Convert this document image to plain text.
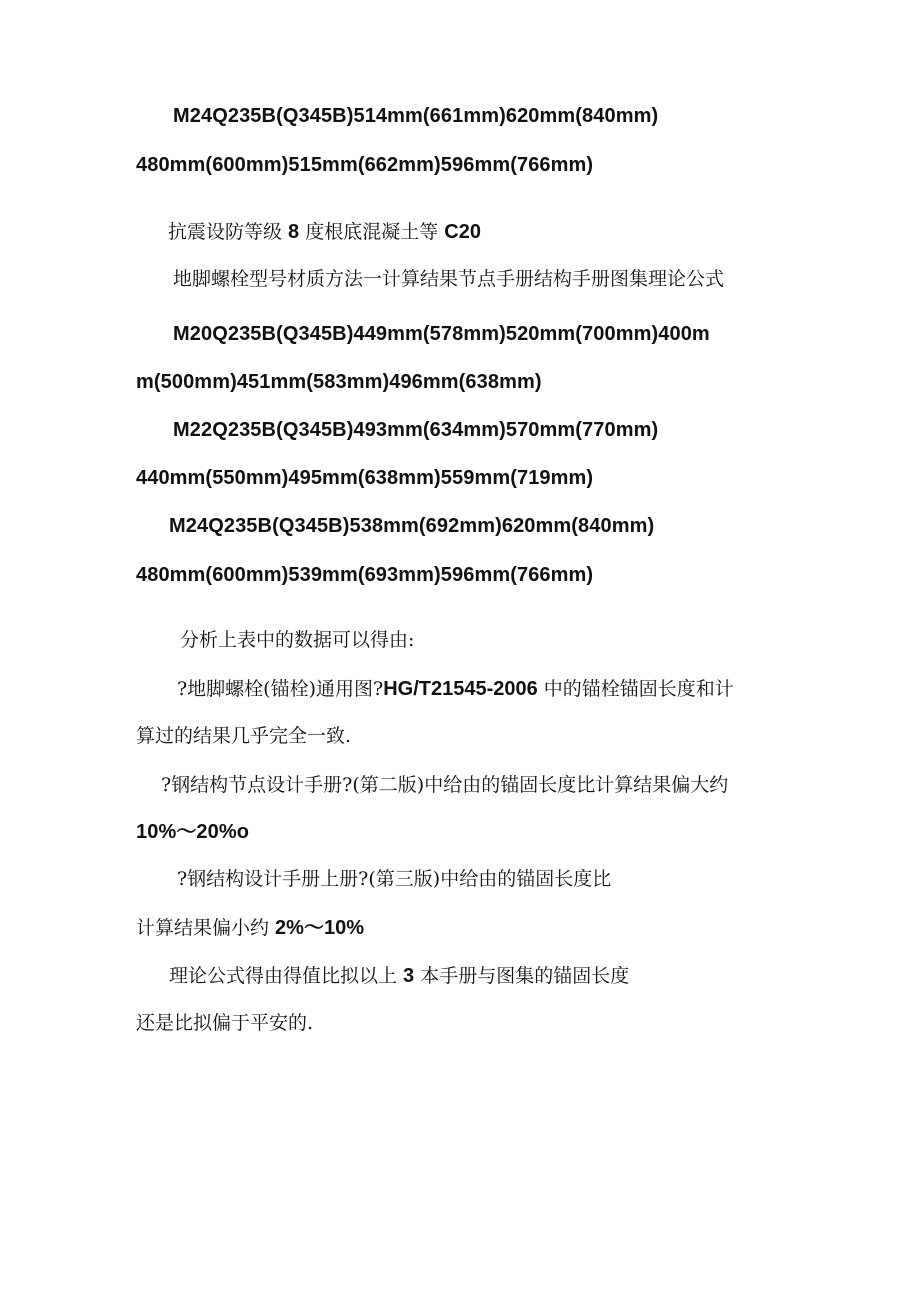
M24Q235B(Q345B)514mm(661mm)620mm(840mm)
480mm(600mm)515mm(662mm)596mm(766mm)
抗震设防等级 8 度根底混凝土等 C20
地脚螺栓型号材质方法一计算结果节点手册结构手册图集理论公式
M20Q235B(Q345B)449mm(578mm)520mm(700mm)400m
m(500mm)451mm(583mm)496mm(638mm)
M22Q235B(Q345B)493mm(634mm)570mm(770mm)
440mm(550mm)495mm(638mm)559mm(719mm)
M24Q235B(Q345B)538mm(692mm)620mm(840mm)
480mm(600mm)539mm(693mm)596mm(766mm)
分析上表中的数据可以得由:
?地脚螺栓(锚栓)通用图?HG/T21545-2006 中的锚栓锚固长度和计
算过的结果几乎完全一致.
?钢结构节点设计手册?(第二版)中给由的锚固长度比计算结果偏大约
10%～20%o
?钢结构设计手册上册?(第三版)中给由的锚固长度比
计算结果偏小约 2%～10%
理论公式得由得值比拟以上 3 本手册与图集的锚固长度
还是比拟偏于平安的.
